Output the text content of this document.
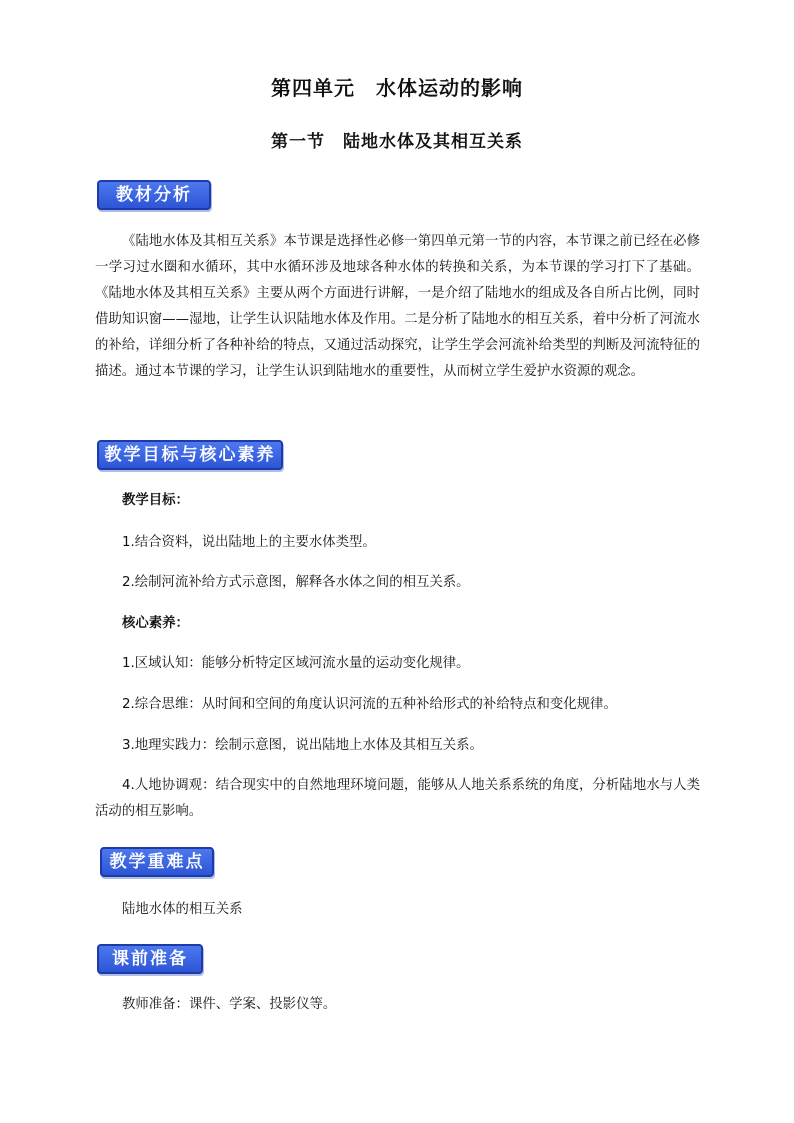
第四单元　水体运动的影响
第一节　陆地水体及其相互关系
教材分析
《陆地水体及其相互关系》本节课是选择性必修一第四单元第一节的内容，本节课之前已经在必修一学习过水圈和水循环，其中水循环涉及地球各种水体的转换和关系，为本节课的学习打下了基础。《陆地水体及其相互关系》主要从两个方面进行讲解，一是介绍了陆地水的组成及各自所占比例，同时借助知识窗——湿地，让学生认识陆地水体及作用。二是分析了陆地水的相互关系，着中分析了河流水的补给，详细分析了各种补给的特点，又通过活动探究，让学生学会河流补给类型的判断及河流特征的描述。通过本节课的学习，让学生认识到陆地水的重要性，从而树立学生爱护水资源的观念。
教学目标与核心素养
教学目标：
1.结合资料，说出陆地上的主要水体类型。
2.绘制河流补给方式示意图，解释各水体之间的相互关系。
核心素养：
1.区域认知：能够分析特定区域河流水量的运动变化规律。
2.综合思维：从时间和空间的角度认识河流的五种补给形式的补给特点和变化规律。
3.地理实践力：绘制示意图，说出陆地上水体及其相互关系。
4.人地协调观：结合现实中的自然地理环境问题，能够从人地关系系统的角度，分析陆地水与人类活动的相互影响。
教学重难点
陆地水体的相互关系
课前准备
教师准备：课件、学案、投影仪等。
